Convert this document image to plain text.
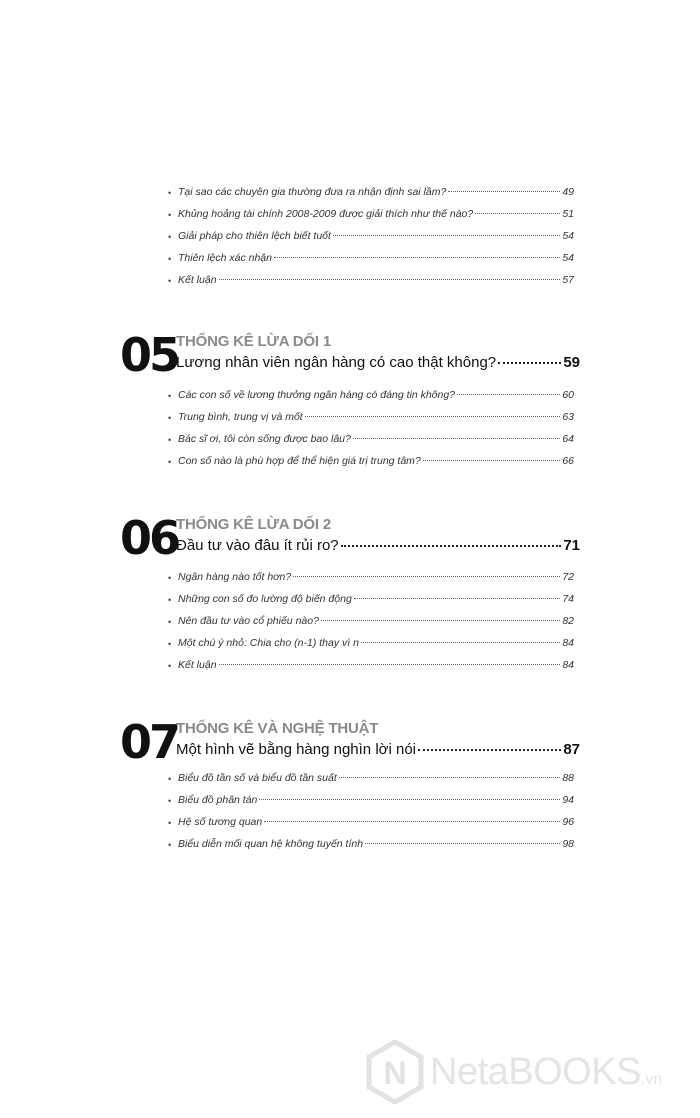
• Tại sao các chuyên gia thường đưa ra nhận định sai lầm?	49
• Khủng hoảng tài chính 2008-2009 được giải thích như thế nào?	51
• Giải pháp cho thiên lệch biết tuốt	54
• Thiên lệch xác nhận	54
• Kết luận	57
05
THỐNG KÊ LỪA DỐI 1
Lương nhân viên ngân hàng có cao thật không?	59
• Các con số về lương thưởng ngân hàng có đáng tin không?	60
• Trung bình, trung vị và mốt	63
• Bác sĩ ơi, tôi còn sống được bao lâu?	64
• Con số nào là phù hợp để thể hiện giá trị trung tâm?	66
06
THỐNG KÊ LỪA DỐI 2
Đầu tư vào đâu ít rủi ro?	71
• Ngân hàng nào tốt hơn?	72
• Những con số đo lường độ biến động	74
• Nên đầu tư vào cổ phiếu nào?	82
• Một chú ý nhỏ: Chia cho (n-1) thay vì n	84
• Kết luận	84
07
THỐNG KÊ VÀ NGHỆ THUẬT
Một hình vẽ bằng hàng nghìn lời nói	87
• Biểu đồ tần số và biểu đồ tần suất	88
• Biểu đồ phân tán	94
• Hệ số tương quan	96
• Biểu diễn mối quan hệ không tuyến tính	98
N NetaBOOKS.vn
